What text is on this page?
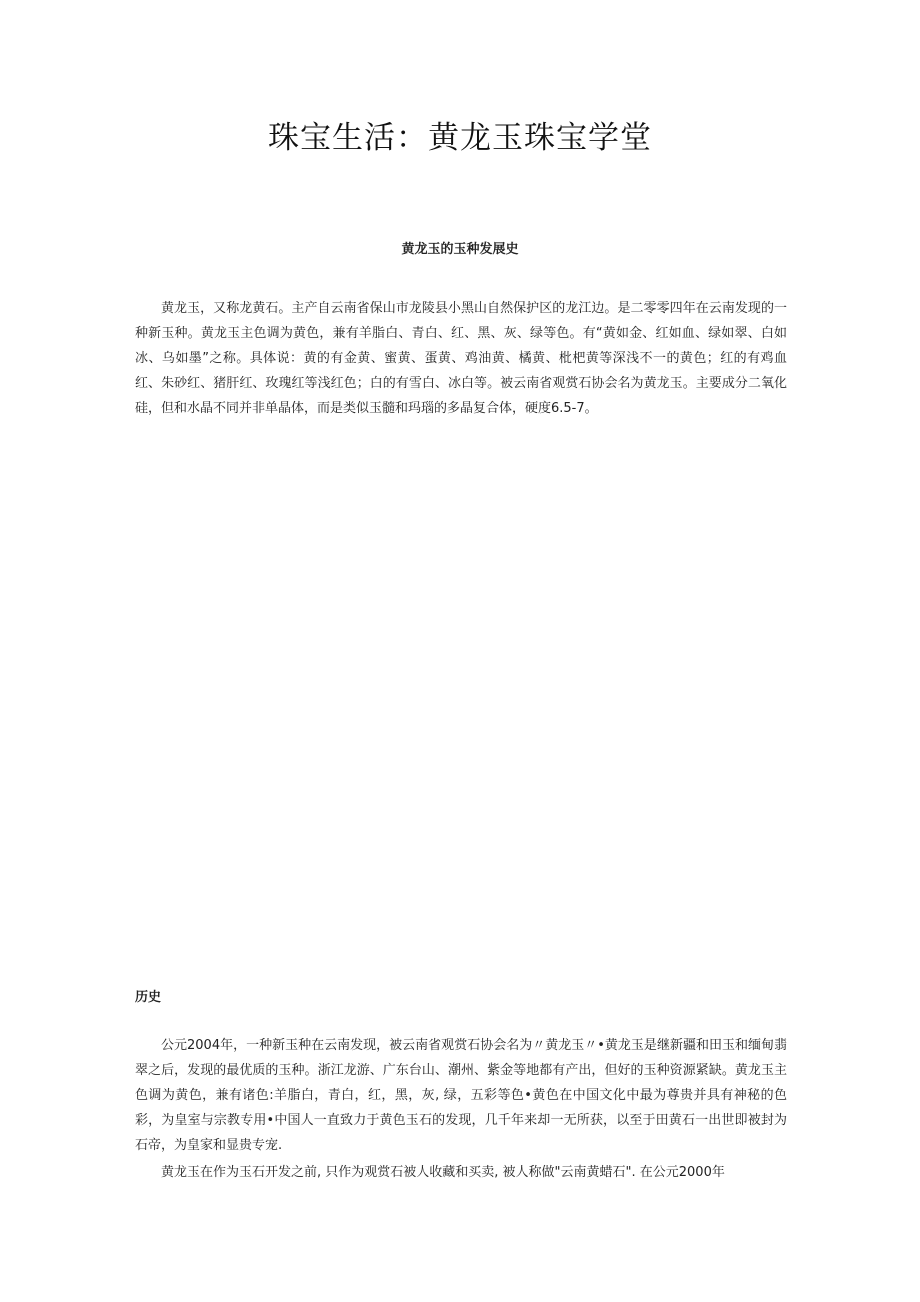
珠宝生活：黄龙玉珠宝学堂
黄龙玉的玉种发展史

黄龙玉，又称龙黄石。主产自云南省保山市龙陵县小黑山自然保护区的龙江边。是二零零四年在云南发现的一种新玉种。黄龙玉主色调为黄色，兼有羊脂白、青白、红、黑、灰、绿等色。有“黄如金、红如血、绿如翠、白如冰、乌如墨”之称。具体说：黄的有金黄、蜜黄、蛋黄、鸡油黄、橘黄、枇杷黄等深浅不一的黄色；红的有鸡血红、朱砂红、猪肝红、玫瑰红等浅红色；白的有雪白、冰白等。被云南省观赏石协会名为黄龙玉。主要成分二氧化硅，但和水晶不同并非单晶体，而是类似玉髓和玛瑙的多晶复合体，硬度6.5-7。

历史

公元2004年，一种新玉种在云南发现，被云南省观赏石协会名为〃黄龙玉〃•黄龙玉是继新疆和田玉和缅甸翡翠之后，发现的最优质的玉种。浙江龙游、广东台山、潮州、紫金等地都有产出，但好的玉种资源紧缺。黄龙玉主色调为黄色，兼有诸色:羊脂白，青白，红，黑，灰, 绿，五彩等色•黄色在中国文化中最为尊贵并具有神秘的色彩，为皇室与宗教专用•中国人一直致力于黄色玉石的发现，几千年来却一无所获，以至于田黄石一出世即被封为石帝，为皇家和显贵专宠.

黄龙玉在作为玉石开发之前, 只作为观赏石被人收藏和买卖, 被人称做"云南黄蜡石". 在公元2000年
